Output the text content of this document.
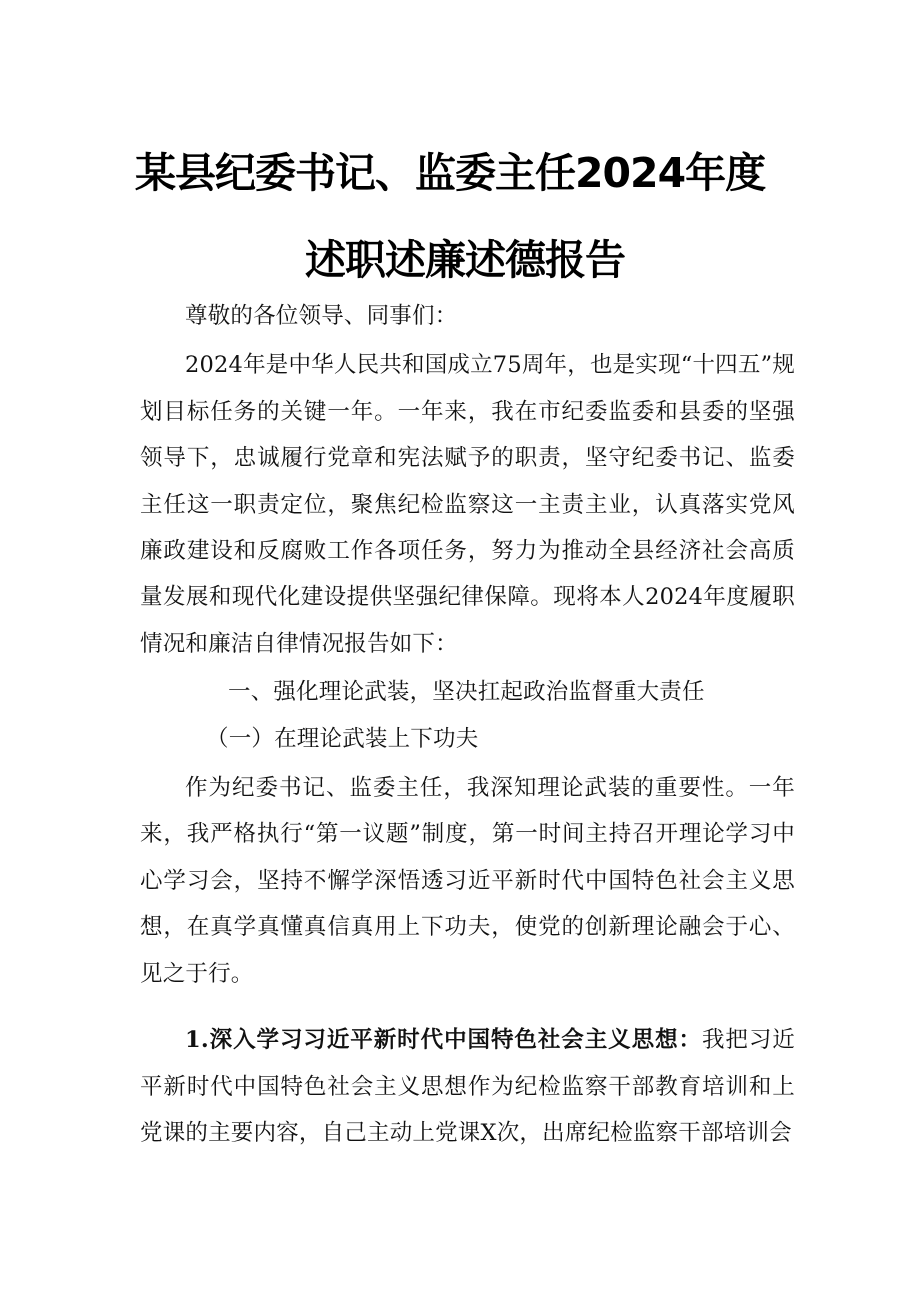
某县纪委书记、监委主任2024年度
述职述廉述德报告

尊敬的各位领导、同事们：

2024年是中华人民共和国成立75周年，也是实现“十四五”规划目标任务的关键一年。一年来，我在市纪委监委和县委的坚强领导下，忠诚履行党章和宪法赋予的职责，坚守纪委书记、监委主任这一职责定位，聚焦纪检监察这一主责主业，认真落实党风廉政建设和反腐败工作各项任务，努力为推动全县经济社会高质量发展和现代化建设提供坚强纪律保障。现将本人2024年度履职情况和廉洁自律情况报告如下：

一、强化理论武装，坚决扛起政治监督重大责任

（一）在理论武装上下功夫

作为纪委书记、监委主任，我深知理论武装的重要性。一年来，我严格执行“第一议题”制度，第一时间主持召开理论学习中心学习会，坚持不懈学深悟透习近平新时代中国特色社会主义思想，在真学真懂真信真用上下功夫，使党的创新理论融会于心、见之于行。

1.深入学习习近平新时代中国特色社会主义思想：我把习近平新时代中国特色社会主义思想作为纪检监察干部教育培训和上党课的主要内容，自己主动上党课X次，出席纪检监察干部培训会
